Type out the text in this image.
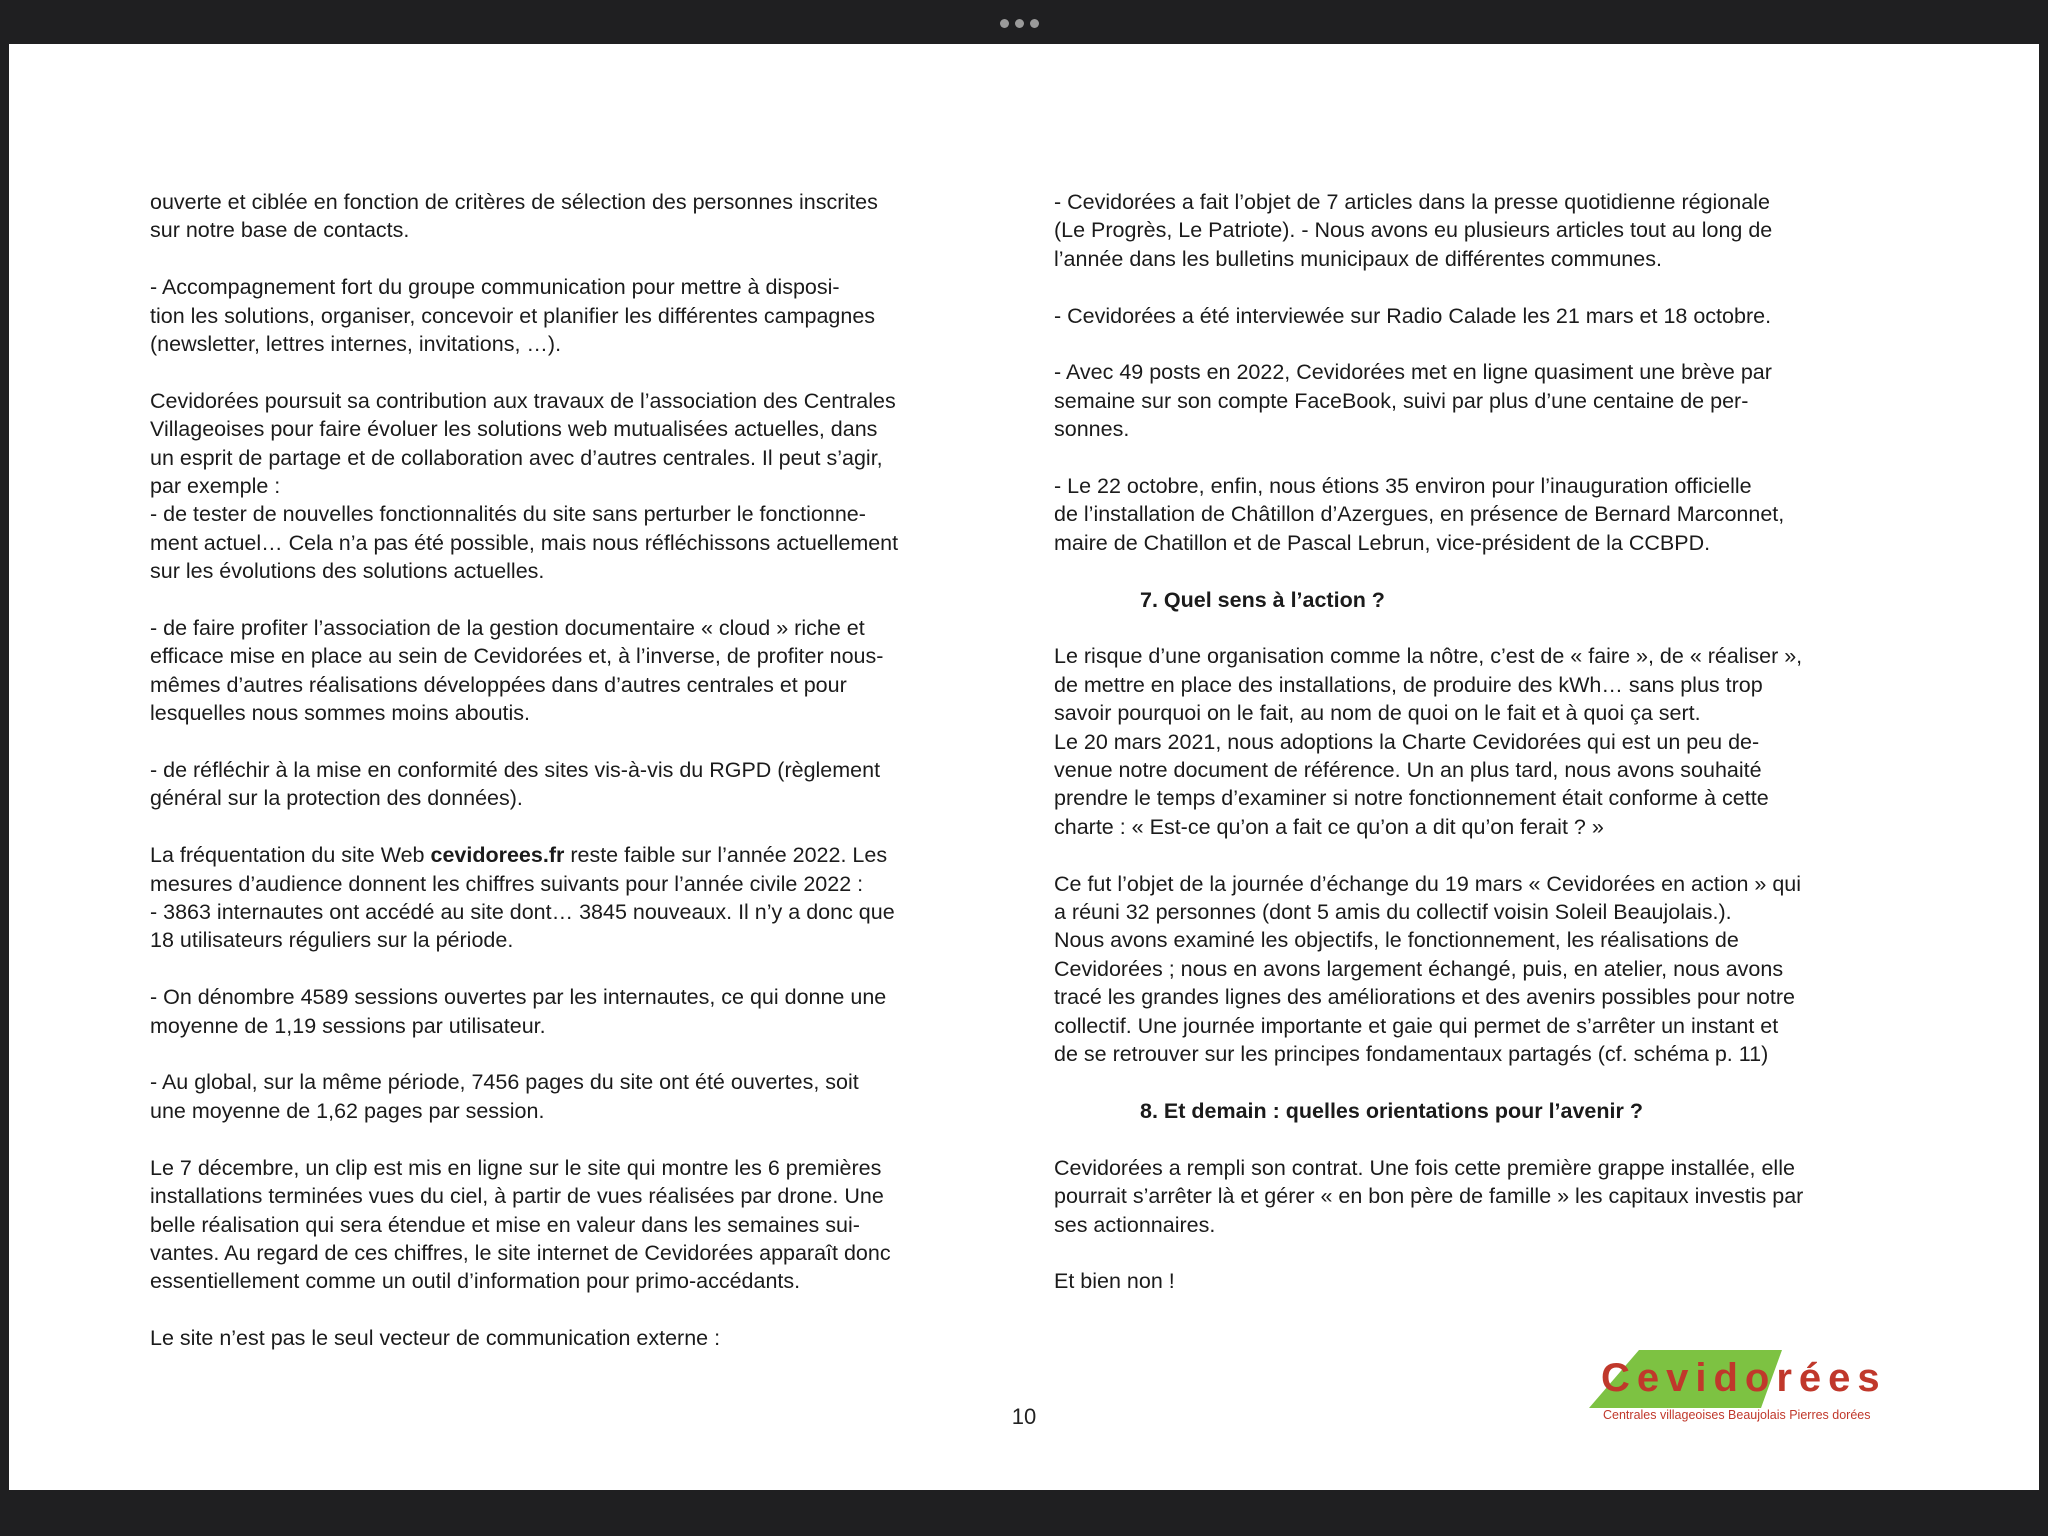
ouverte et ciblée en fonction de critères de sélection des personnes inscrites
sur notre base de contacts.

- Accompagnement fort du groupe communication pour mettre à disposi-
tion les solutions, organiser, concevoir et planifier les différentes campagnes
(newsletter, lettres internes, invitations, …).

Cevidorées poursuit sa contribution aux travaux de l’association des Centrales
Villageoises pour faire évoluer les solutions web mutualisées actuelles, dans
un esprit de partage et de collaboration avec d’autres centrales. Il peut s’agir,
par exemple :
- de tester de nouvelles fonctionnalités du site sans perturber le fonctionne-
ment actuel… Cela n’a pas été possible, mais nous réfléchissons actuellement
sur les évolutions des solutions actuelles.

- de faire profiter l’association de la gestion documentaire « cloud » riche et
efficace mise en place au sein de Cevidorées et, à l’inverse, de profiter nous-
mêmes d’autres réalisations développées dans d’autres centrales et pour
lesquelles nous sommes moins aboutis.

- de réfléchir à la mise en conformité des sites vis-à-vis du RGPD (règlement
général sur la protection des données).

La fréquentation du site Web cevidorees.fr reste faible sur l’année 2022. Les
mesures d’audience donnent les chiffres suivants pour l’année civile 2022 :
- 3863 internautes ont accédé au site dont… 3845 nouveaux. Il n’y a donc que
18 utilisateurs réguliers sur la période.

- On dénombre 4589 sessions ouvertes par les internautes, ce qui donne une
moyenne de 1,19 sessions par utilisateur.

- Au global, sur la même période, 7456 pages du site ont été ouvertes, soit
une moyenne de 1,62 pages par session.

Le 7 décembre, un clip est mis en ligne sur le site qui montre les 6 premières
installations terminées vues du ciel, à partir de vues réalisées par drone. Une
belle réalisation qui sera étendue et mise en valeur dans les semaines sui-
vantes. Au regard de ces chiffres, le site internet de Cevidorées apparaît donc
essentiellement comme un outil d’information pour primo-accédants.

Le site n’est pas le seul vecteur de communication externe :

- Cevidorées a fait l’objet de 7 articles dans la presse quotidienne régionale
(Le Progrès, Le Patriote). - Nous avons eu plusieurs articles tout au long de
l’année dans les bulletins municipaux de différentes communes.

- Cevidorées a été interviewée sur Radio Calade les 21 mars et 18 octobre.

- Avec 49 posts en 2022, Cevidorées met en ligne quasiment une brève par
semaine sur son compte FaceBook, suivi par plus d’une centaine de per-
sonnes.

- Le 22 octobre, enfin, nous étions 35 environ pour l’inauguration officielle
de l’installation de Châtillon d’Azergues, en présence de Bernard Marconnet,
maire de Chatillon et de Pascal Lebrun, vice-président de la CCBPD.

7. Quel sens à l’action ?

Le risque d’une organisation comme la nôtre, c’est de « faire », de « réaliser »,
de mettre en place des installations, de produire des kWh… sans plus trop
savoir pourquoi on le fait, au nom de quoi on le fait et à quoi ça sert.
Le 20 mars 2021, nous adoptions la Charte Cevidorées qui est un peu de-
venue notre document de référence. Un an plus tard, nous avons souhaité
prendre le temps d’examiner si notre fonctionnement était conforme à cette
charte : « Est-ce qu’on a fait ce qu’on a dit qu’on ferait ? »

Ce fut l’objet de la journée d’échange du 19 mars « Cevidorées en action » qui
a réuni 32 personnes (dont 5 amis du collectif voisin Soleil Beaujolais.).
Nous avons examiné les objectifs, le fonctionnement, les réalisations de
Cevidorées ; nous en avons largement échangé, puis, en atelier, nous avons
tracé les grandes lignes des améliorations et des avenirs possibles pour notre
collectif. Une journée importante et gaie qui permet de s’arrêter un instant et
de se retrouver sur les principes fondamentaux partagés (cf. schéma p. 11)

8. Et demain : quelles orientations pour l’avenir ?

Cevidorées a rempli son contrat. Une fois cette première grappe installée, elle
pourrait s’arrêter là et gérer « en bon père de famille » les capitaux investis par
ses actionnaires.

Et bien non !

10
Cevidorées
Centrales villageoises Beaujolais Pierres dorées
